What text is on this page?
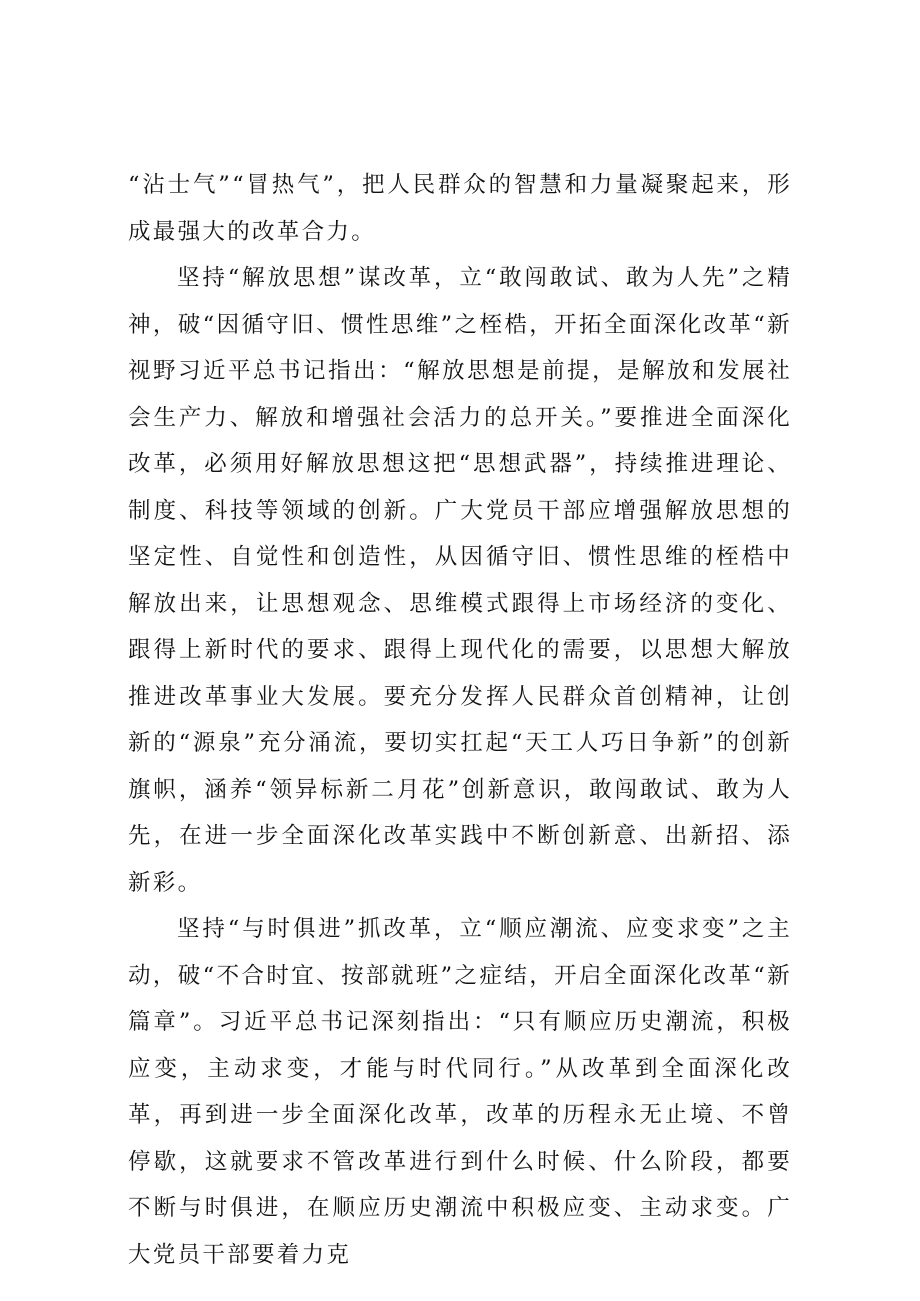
“沾士气”“冒热气”，把人民群众的智慧和力量凝聚起来，形成最强大的改革合力。

坚持“解放思想”谋改革，立“敢闯敢试、敢为人先”之精神，破“因循守旧、惯性思维”之桎梏，开拓全面深化改革“新视野习近平总书记指出：“解放思想是前提，是解放和发展社会生产力、解放和增强社会活力的总开关。”要推进全面深化改革，必须用好解放思想这把“思想武器”，持续推进理论、制度、科技等领域的创新。广大党员干部应增强解放思想的坚定性、自觉性和创造性，从因循守旧、惯性思维的桎梏中解放出来，让思想观念、思维模式跟得上市场经济的变化、跟得上新时代的要求、跟得上现代化的需要，以思想大解放推进改革事业大发展。要充分发挥人民群众首创精神，让创新的“源泉”充分涌流，要切实扛起“天工人巧日争新”的创新旗帜，涵养“领异标新二月花”创新意识，敢闯敢试、敢为人先，在进一步全面深化改革实践中不断创新意、出新招、添新彩。

坚持“与时俱进”抓改革，立“顺应潮流、应变求变”之主动，破“不合时宜、按部就班”之症结，开启全面深化改革“新篇章”。习近平总书记深刻指出：“只有顺应历史潮流，积极应变，主动求变，才能与时代同行。”从改革到全面深化改革，再到进一步全面深化改革，改革的历程永无止境、不曾停歇，这就要求不管改革进行到什么时候、什么阶段，都要不断与时俱进，在顺应历史潮流中积极应变、主动求变。广大党员干部要着力克
